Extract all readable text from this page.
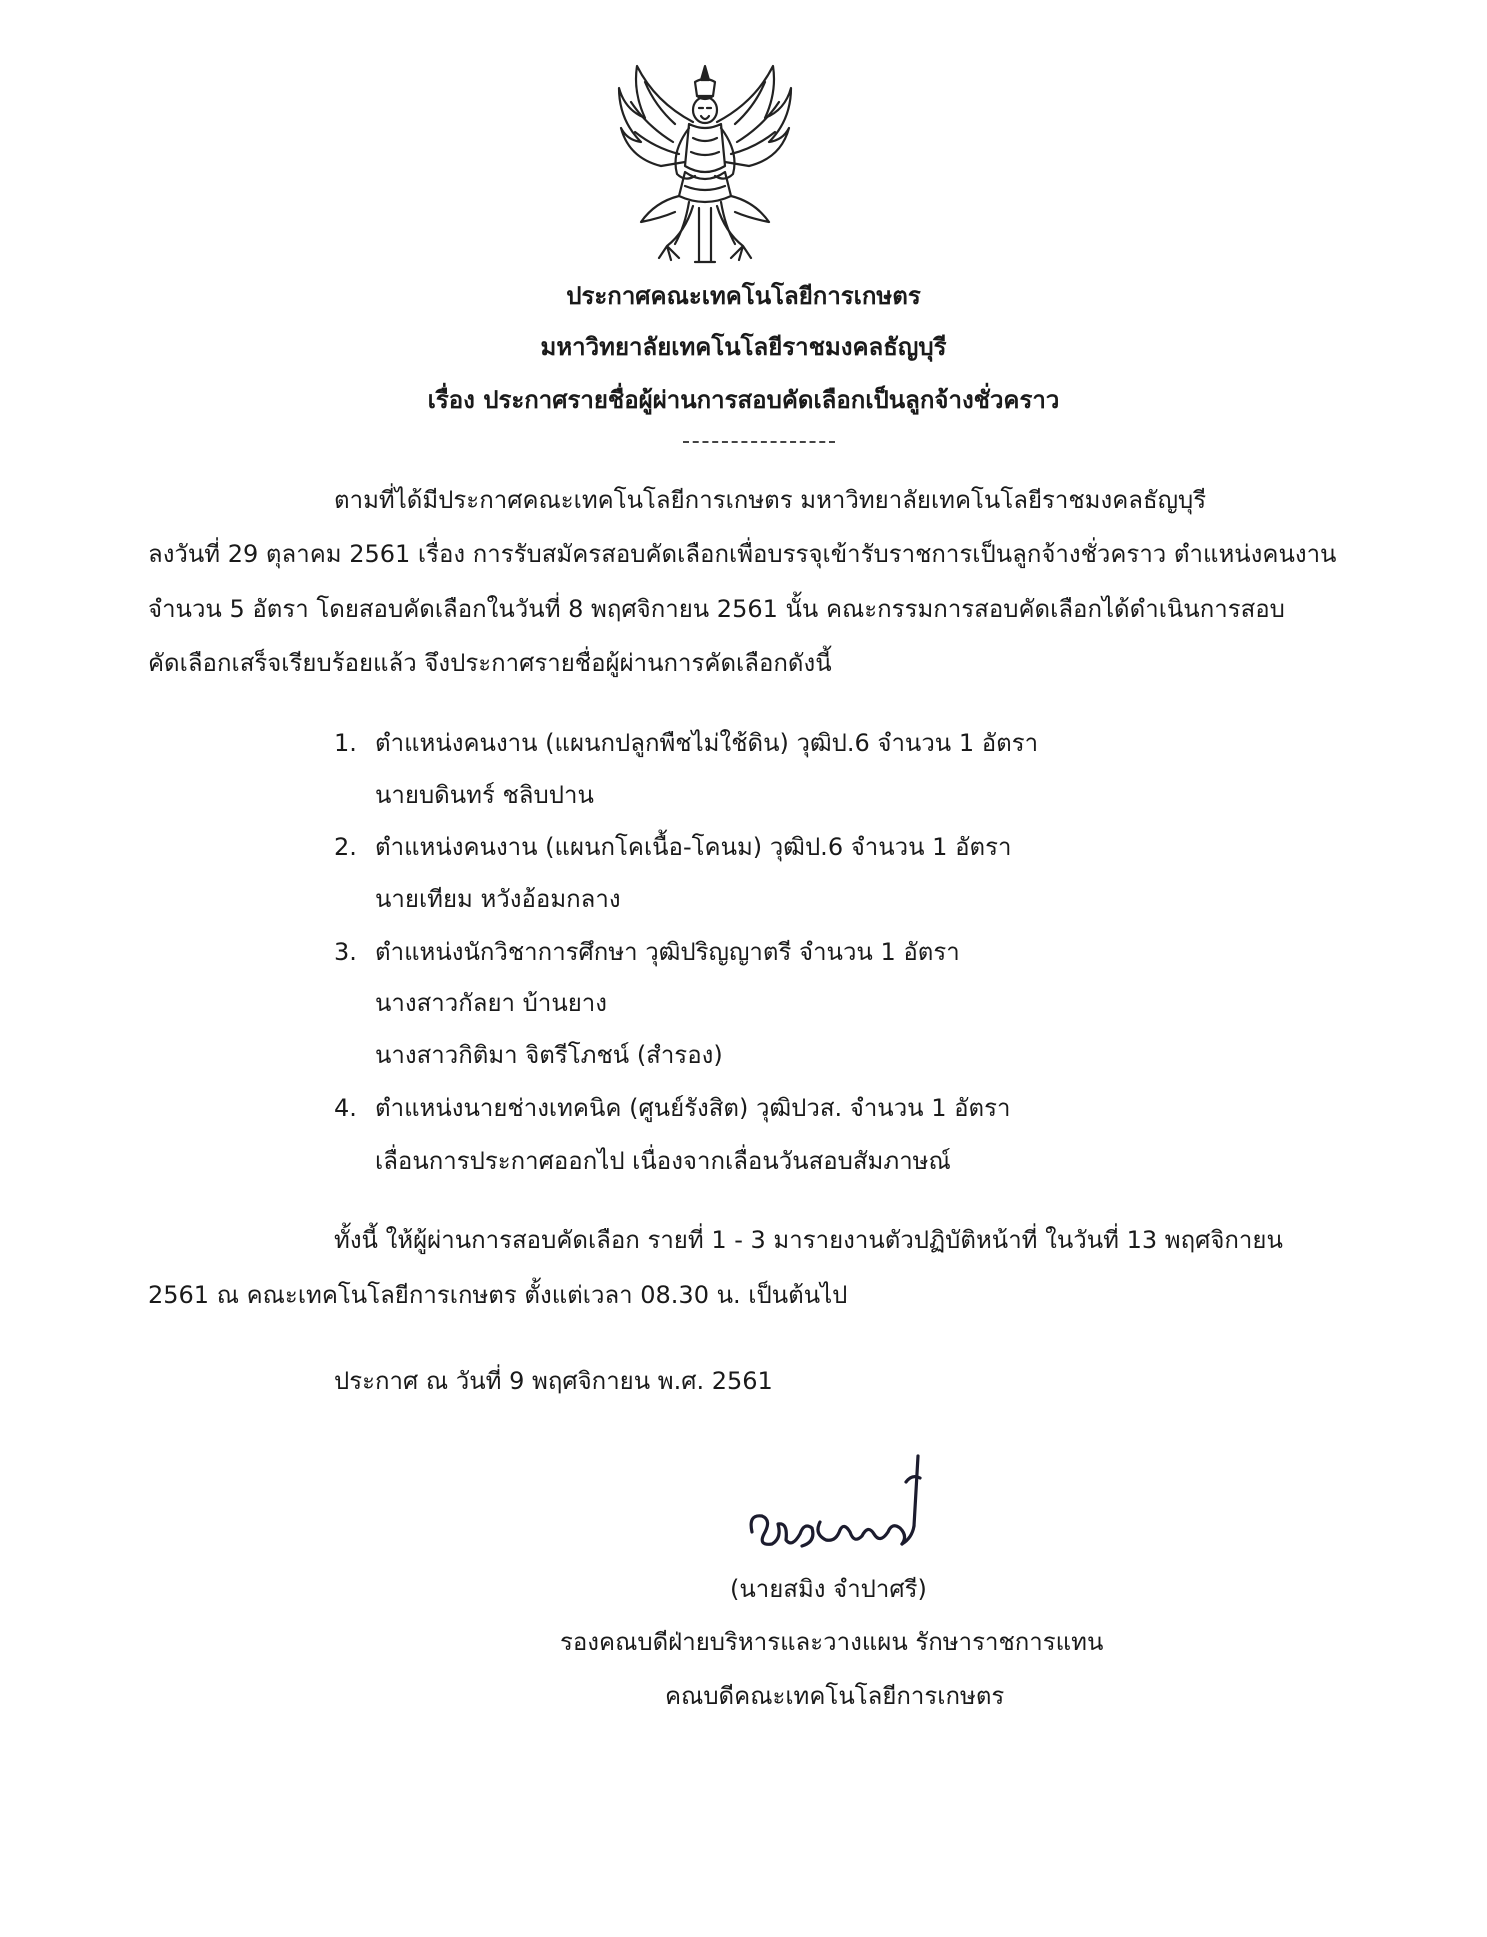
ประกาศคณะเทคโนโลยีการเกษตร
มหาวิทยาลัยเทคโนโลยีราชมงคลธัญบุรี
เรื่อง ประกาศรายชื่อผู้ผ่านการสอบคัดเลือกเป็นลูกจ้างชั่วคราว
ตามที่ได้มีประกาศคณะเทคโนโลยีการเกษตร มหาวิทยาลัยเทคโนโลยีราชมงคลธัญบุรี
ลงวันที่ 29 ตุลาคม 2561 เรื่อง การรับสมัครสอบคัดเลือกเพื่อบรรจุเข้ารับราชการเป็นลูกจ้างชั่วคราว ตำแหน่งคนงาน
จำนวน 5 อัตรา โดยสอบคัดเลือกในวันที่ 8 พฤศจิกายน 2561 นั้น คณะกรรมการสอบคัดเลือกได้ดำเนินการสอบ
คัดเลือกเสร็จเรียบร้อยแล้ว จึงประกาศรายชื่อผู้ผ่านการคัดเลือกดังนี้
1. ตำแหน่งคนงาน (แผนกปลูกพืชไม่ใช้ดิน) วุฒิป.6 จำนวน 1 อัตรา
นายบดินทร์ ชลิบปาน
2. ตำแหน่งคนงาน (แผนกโคเนื้อ-โคนม) วุฒิป.6 จำนวน 1 อัตรา
นายเทียม หวังอ้อมกลาง
3. ตำแหน่งนักวิชาการศึกษา วุฒิปริญญาตรี จำนวน 1 อัตรา
นางสาวกัลยา บ้านยาง
นางสาวกิติมา จิตรีโภชน์ (สำรอง)
4. ตำแหน่งนายช่างเทคนิค (ศูนย์รังสิต) วุฒิปวส. จำนวน 1 อัตรา
เลื่อนการประกาศออกไป เนื่องจากเลื่อนวันสอบสัมภาษณ์
ทั้งนี้ ให้ผู้ผ่านการสอบคัดเลือก รายที่ 1 - 3 มารายงานตัวปฏิบัติหน้าที่ ในวันที่ 13 พฤศจิกายน
2561 ณ คณะเทคโนโลยีการเกษตร ตั้งแต่เวลา 08.30 น. เป็นต้นไป
ประกาศ ณ วันที่ 9 พฤศจิกายน พ.ศ. 2561
(นายสมิง จำปาศรี)
รองคณบดีฝ่ายบริหารและวางแผน รักษาราชการแทน
คณบดีคณะเทคโนโลยีการเกษตร
